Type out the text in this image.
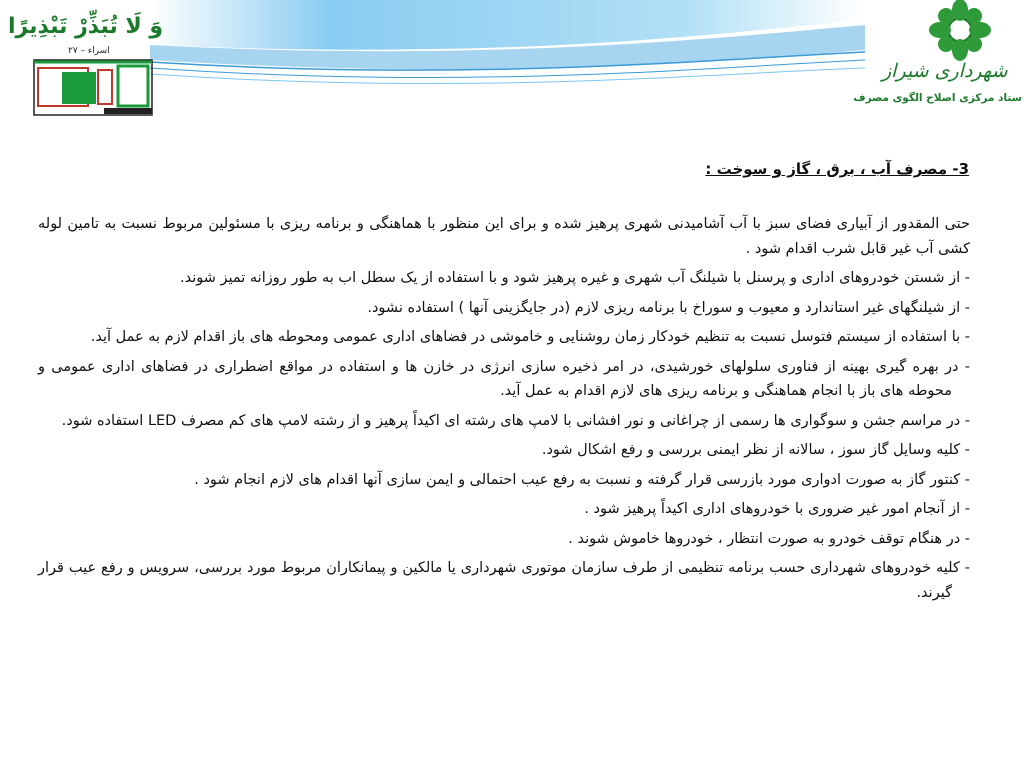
وَ لَا تُبَذِّرْ تَبْذِيرًا
اسراء – ۲۷
شهرداری شیراز
ستاد مرکزی اصلاح الگوی مصرف
3- مصرف آب ، برق ، گاز و سوخت :

حتی المقدور از آبیاری فضای سبز با آب آشامیدنی شهری پرهیز شده و برای این منظور با هماهنگی و برنامه ریزی با مسئولین مربوط نسبت به تامین لوله کشی آب غیر قابل شرب اقدام شود .

- از شستن خودروهای اداری و پرسنل با شیلنگ آب شهری و غیره پرهیز شود و با استفاده از یک سطل اب به طور روزانه تمیز شوند.

- از شیلنگهای غیر استاندارد و معیوب و سوراخ با برنامه ریزی لازم (در جایگزینی آنها ) استفاده نشود.

- با استفاده از سیستم فتوسل نسبت به تنظیم خودکار زمان روشنایی و خاموشی در فضاهای اداری عمومی ومحوطه های باز اقدام لازم به عمل آید.

- در بهره گیری بهینه از فناوری سلولهای خورشیدی، در امر ذخیره سازی انرژی در خازن ها و استفاده در مواقع اضطراری در فضاهای اداری عمومی و محوطه های باز با انجام هماهنگی و برنامه ریزی های لازم اقدام به عمل آید.

- در مراسم جشن و سوگواری ها رسمی از چراغانی و نور افشانی با لامپ های رشته ای اکیداً پرهیز و از رشته لامپ های کم مصرف LED استفاده شود.

- کلیه وسایل گاز سوز ، سالانه از نظر ایمنی بررسی و رفع اشکال شود.

- کنتور گاز به صورت ادواری مورد بازرسی قرار گرفته و نسبت به رفع عیب احتمالی و ایمن سازی آنها اقدام های لازم انجام شود .

- از آنجام امور غیر ضروری با خودروهای اداری اکیداً پرهیز شود .

- در هنگام توقف خودرو به صورت انتظار ، خودروها خاموش شوند .

- کلیه خودروهای شهرداری حسب برنامه تنظیمی از طرف سازمان موتوری شهرداری یا مالکین و پیمانکاران مربوط مورد بررسی، سرویس و رفع عیب قرار گیرند.
